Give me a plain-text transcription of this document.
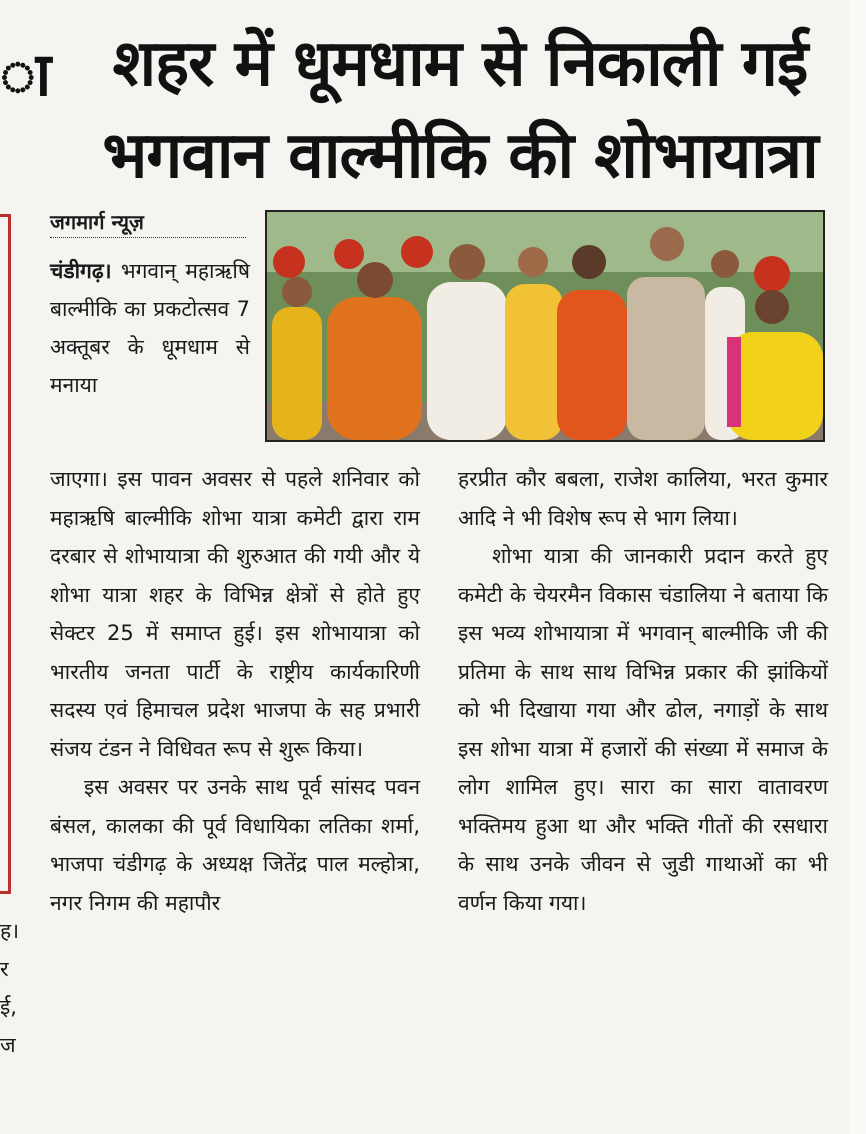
ा
ह।
र
र्ई,
ज
शहर में धूमधाम से निकाली गई
भगवान वाल्मीकि की शोभायात्रा
जगमार्ग न्यूज़
चंडीगढ़। भगवान् महाऋषि बाल्मीकि का प्रकटोत्सव 7 अक्तूबर के धूमधाम से मनाया

जाएगा। इस पावन अवसर से पहले शनिवार को महाऋषि बाल्मीकि शोभा यात्रा कमेटी द्वारा राम दरबार से शोभायात्रा की शुरुआत की गयी और ये शोभा यात्रा शहर के विभिन्न क्षेत्रों से होते हुए सेक्टर 25 में समाप्त हुई। इस शोभायात्रा को भारतीय जनता पार्टी के राष्ट्रीय कार्यकारिणी सदस्य एवं हिमाचल प्रदेश भाजपा के सह प्रभारी संजय टंडन ने विधिवत रूप से शुरू किया।

इस अवसर पर उनके साथ पूर्व सांसद पवन बंसल, कालका की पूर्व विधायिका लतिका शर्मा, भाजपा चंडीगढ़ के अध्यक्ष जितेंद्र पाल मल्होत्रा, नगर निगम की महापौर

हरप्रीत कौर बबला, राजेश कालिया, भरत कुमार आदि ने भी विशेष रूप से भाग लिया।

शोभा यात्रा की जानकारी प्रदान करते हुए कमेटी के चेयरमैन विकास चंडालिया ने बताया कि इस भव्य शोभायात्रा में भगवान् बाल्मीकि जी की प्रतिमा के साथ साथ विभिन्न प्रकार की झांकियों को भी दिखाया गया और ढोल, नगाड़ों के साथ इस शोभा यात्रा में हजारों की संख्या में समाज के लोग शामिल हुए। सारा का सारा वातावरण भक्तिमय हुआ था और भक्ति गीतों की रसधारा के साथ उनके जीवन से जुडी गाथाओं का भी वर्णन किया गया।
